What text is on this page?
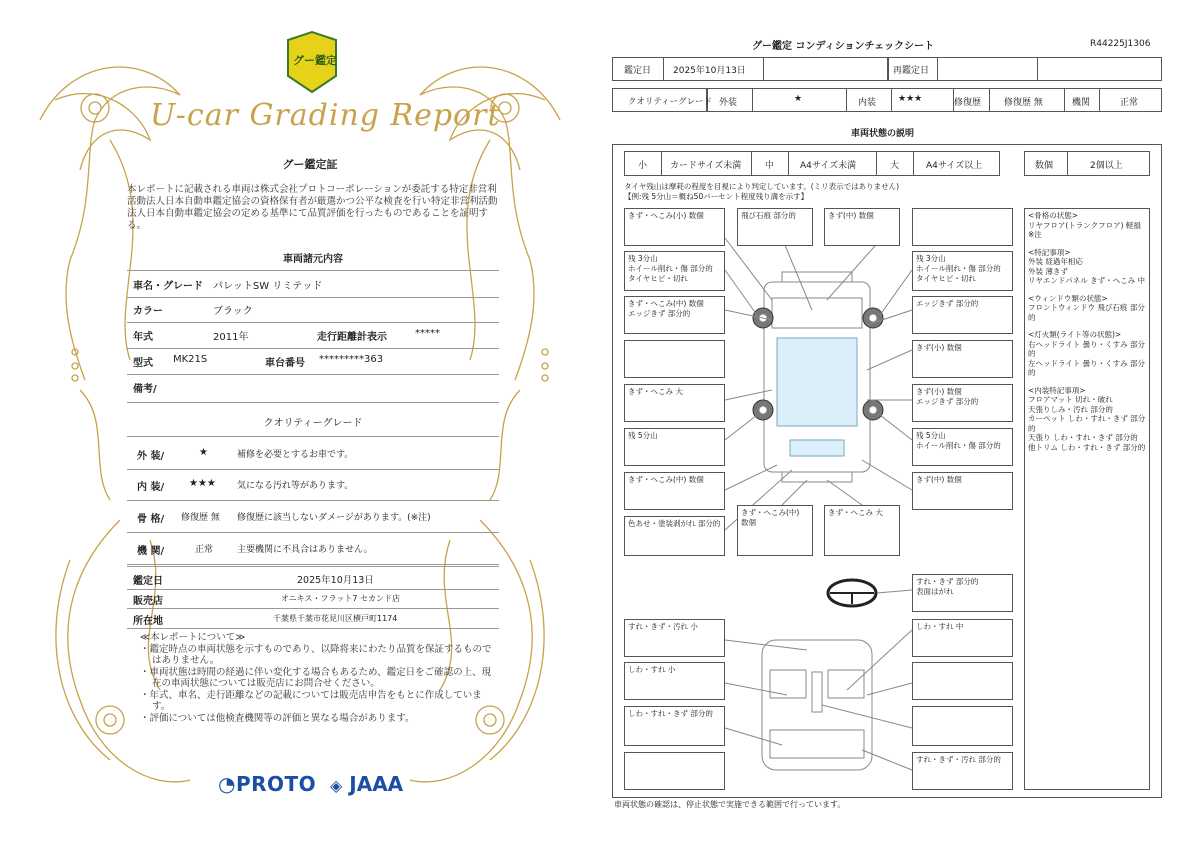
グー鑑定
U-car Grading Report
グー鑑定証
本レポートに記載される車両は株式会社プロトコーポレーションが委託する特定非営利活動法人日本自動車鑑定協会の資格保有者が厳選かつ公平な検査を行い特定非営利活動法人日本自動車鑑定協会の定める基準にて品質評価を行ったものであることを証明する。
車両諸元内容
車名・グレード パレットSW リミテッド
カラー	ブラック
年式	2011年	走行距離計表示	*****
型式 MK21S	車台番号 *********363
備考/
クオリティーグレード
外 装/	★	補修を必要とするお車です。
内 装/ ★★★ 気になる汚れ等があります。
骨 格/ 修復歴 無 修復歴に該当しないダメージがあります。(※注)
機 関/	正常	主要機関に不具合はありません。
鑑定日	2025年10月13日
販売店	オニキス・フラット7 セカンド店
所在地	千葉県千葉市花見川区横戸町1174
≪本レポートについて≫
・鑑定時点の車両状態を示すものであり、以降将来にわたり品質を保証するものではありません。
・車両状態は時間の経過に伴い変化する場合もあるため、鑑定日をご確認の上、現在の車両状態については販売店にお問合せください。
・年式、車名、走行距離などの記載については販売店申告をもとに作成しています。
・評価については他検査機関等の評価と異なる場合があります。
◔PROTO ◈ JAAA
グー鑑定 コンディションチェックシート	R44225J1306
鑑定日 2025年10月13日	再鑑定日
クオリティーグレード 外装	★	内装 ★★★	修復歴	修復歴 無	機関	正常
車両状態の説明
小	カードサイズ未満	中	A4サイズ未満	大	A4サイズ以上	数個	2個以上
タイヤ残山は摩耗の程度を目視により判定しています。(ミリ表示ではありません)
【例:残 5分山＝概ね50パーセント程度残り溝を示す】
きず・へこみ(小) 数個	飛び石痕 部分的	きず(中) 数個
残 3分山
ホイール削れ・傷 部分的
タイヤヒビ・切れ
残 3分山
ホイール削れ・傷 部分的
タイヤヒビ・切れ
きず・へこみ(中) 数個
エッジきず 部分的
エッジきず 部分的
きず(小) 数個
きず・へこみ 大	きず(小) 数個
エッジきず 部分的
残 5分山	残 5分山
ホイール削れ・傷 部分的
きず・へこみ(中) 数個	きず(中) 数個
色あせ・塗装剥がれ 部分的
きず・へこみ(中) 数個
きず・へこみ 大
すれ・きず 部分的
表面はがれ
すれ・きず・汚れ 小	しわ・すれ 中
しわ・すれ 小
しわ・すれ・きず 部分的
すれ・きず・汚れ 部分的
<骨格の状態>
リヤフロア(トランクフロア) 軽損
※注
<特記事項>
外装 経過年相応
外装 薄きず
リヤエンドパネル きず・へこみ 中
<ウィンドウ類の状態>
フロントウィンドウ 飛び石痕 部分的
<灯火類(ライト等の状態)>
右ヘッドライト 曇り・くすみ 部分的
左ヘッドライト 曇り・くすみ 部分的
<内装特記事項>
フロアマット 切れ・破れ
天張りしみ・汚れ 部分的
カーペット しわ・すれ・きず 部分的
天張り しわ・すれ・きず 部分的
他トリム しわ・すれ・きず 部分的
車両状態の確認は、停止状態で実施できる範囲で行っています。
